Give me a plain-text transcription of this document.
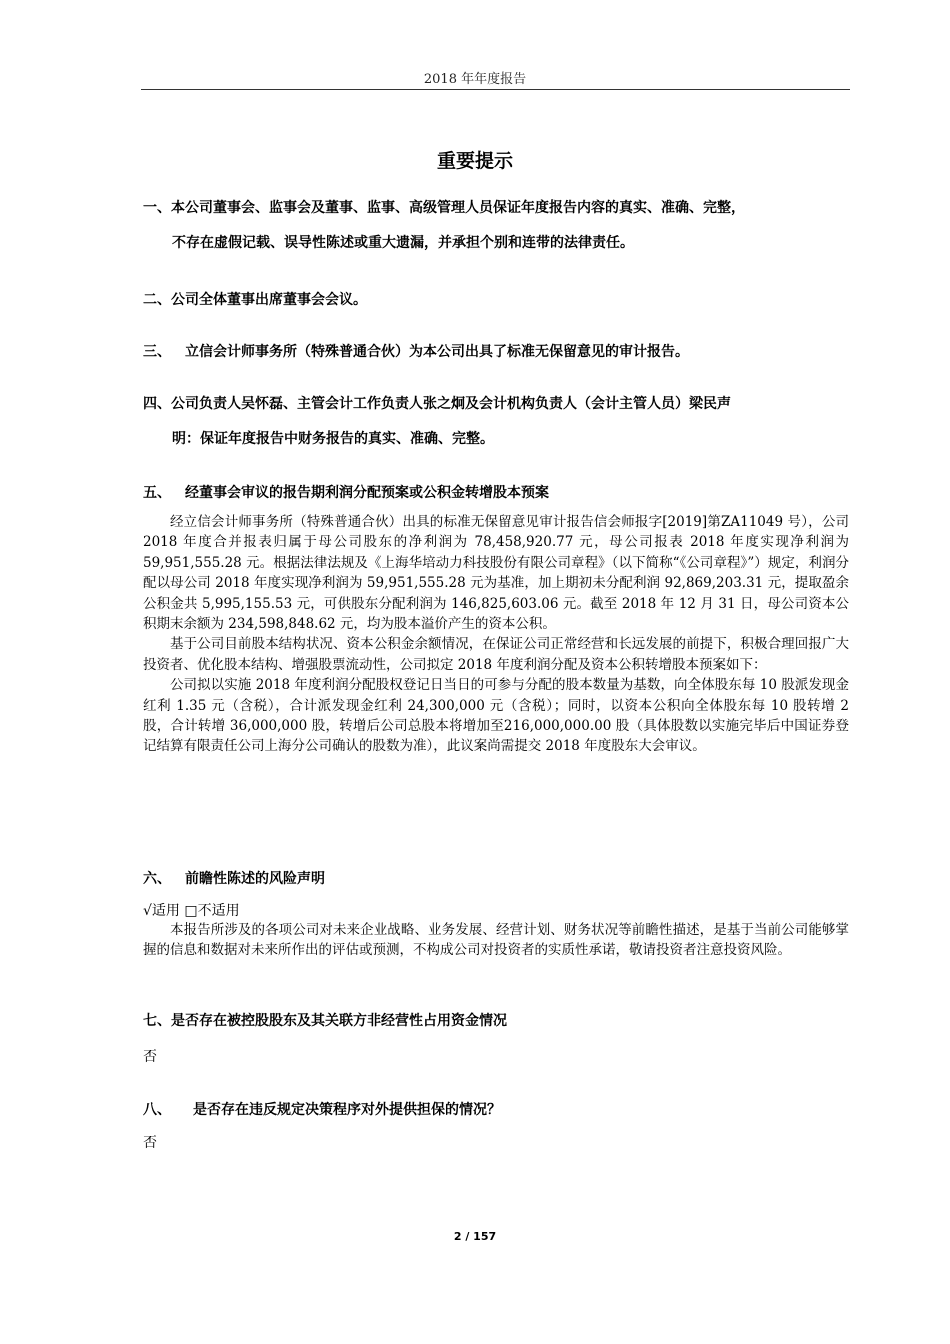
2018 年年度报告
重要提示
一、本公司董事会、监事会及董事、监事、高级管理人员保证年度报告内容的真实、准确、完整，
不存在虚假记载、误导性陈述或重大遗漏，并承担个别和连带的法律责任。
二、公司全体董事出席董事会会议。
三、 立信会计师事务所（特殊普通合伙）为本公司出具了标准无保留意见的审计报告。
四、公司负责人吴怀磊、主管会计工作负责人张之炯及会计机构负责人（会计主管人员）梁民声
明：保证年度报告中财务报告的真实、准确、完整。
五、 经董事会审议的报告期利润分配预案或公积金转增股本预案

经立信会计师事务所（特殊普通合伙）出具的标准无保留意见审计报告信会师报字[2019]第ZA11049 号），公司 2018 年度合并报表归属于母公司股东的净利润为 78,458,920.77 元，母公司报表 2018 年度实现净利润为 59,951,555.28 元。根据法律法规及《上海华培动力科技股份有限公司章程》（以下简称“《公司章程》”）规定，利润分配以母公司 2018 年度实现净利润为 59,951,555.28 元为基准，加上期初未分配利润 92,869,203.31 元，提取盈余公积金共 5,995,155.53 元，可供股东分配利润为 146,825,603.06 元。截至 2018 年 12 月 31 日，母公司资本公积期末余额为 234,598,848.62 元，均为股本溢价产生的资本公积。

基于公司目前股本结构状况、资本公积金余额情况，在保证公司正常经营和长远发展的前提下，积极合理回报广大投资者、优化股本结构、增强股票流动性，公司拟定 2018 年度利润分配及资本公积转增股本预案如下：

公司拟以实施 2018 年度利润分配股权登记日当日的可参与分配的股本数量为基数，向全体股东每 10 股派发现金红利 1.35 元（含税），合计派发现金红利 24,300,000 元（含税）；同时，以资本公积向全体股东每 10 股转增 2 股，合计转增 36,000,000 股，转增后公司总股本将增加至216,000,000.00 股（具体股数以实施完毕后中国证券登记结算有限责任公司上海分公司确认的股数为准），此议案尚需提交 2018 年度股东大会审议。

六、 前瞻性陈述的风险声明
√适用 □不适用

本报告所涉及的各项公司对未来企业战略、业务发展、经营计划、财务状况等前瞻性描述，是基于当前公司能够掌握的信息和数据对未来所作出的评估或预测，不构成公司对投资者的实质性承诺，敬请投资者注意投资风险。

七、是否存在被控股股东及其关联方非经营性占用资金情况
否
八、 是否存在违反规定决策程序对外提供担保的情况？
否
2 / 157
